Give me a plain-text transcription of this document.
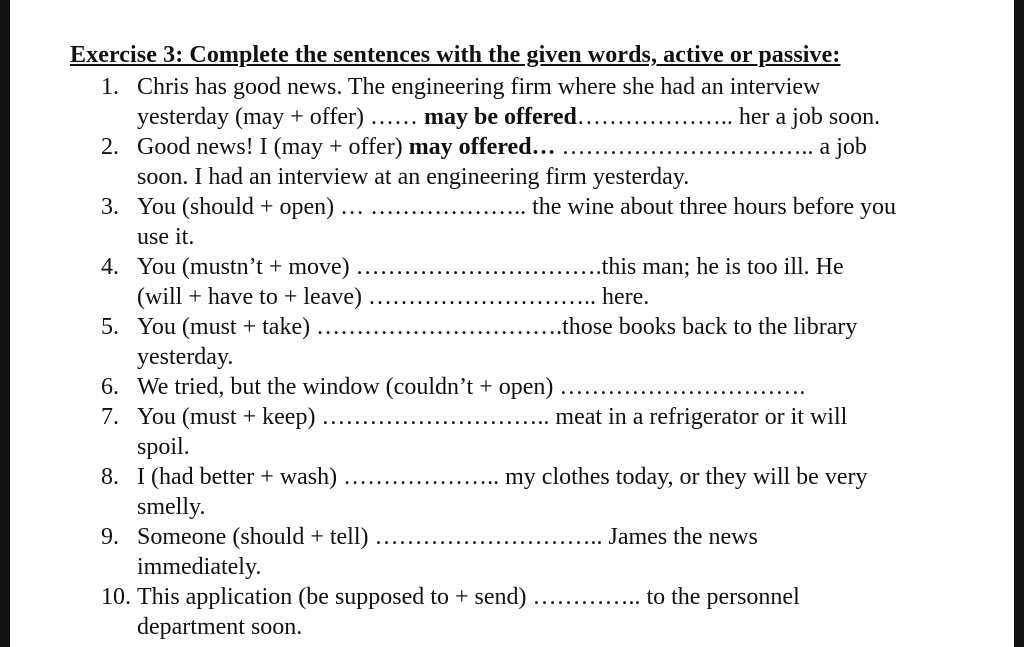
Exercise 3: Complete the sentences with the given words, active or passive:
1. Chris has good news. The engineering firm where she had an interview
yesterday (may + offer) …… may be offered……………….. her a job soon.
2. Good news! I (may + offer) may offered… ………………………….. a job
soon. I had an interview at an engineering firm yesterday.
3. You (should + open) … ……………….. the wine about three hours before you
use it.
4. You (mustn’t + move) ………………………….this man; he is too ill. He
(will + have to + leave) ……………………….. here.
5. You (must + take) ………………………….those books back to the library
yesterday.
6. We tried, but the window (couldn’t + open) ………………………….
7. You (must + keep) ……………………….. meat in a refrigerator or it will
spoil.
8. I (had better + wash) ……………….. my clothes today, or they will be very
smelly.
9. Someone (should + tell) ……………………….. James the news
immediately.
10. This application (be supposed to + send) ………….. to the personnel
department soon.
